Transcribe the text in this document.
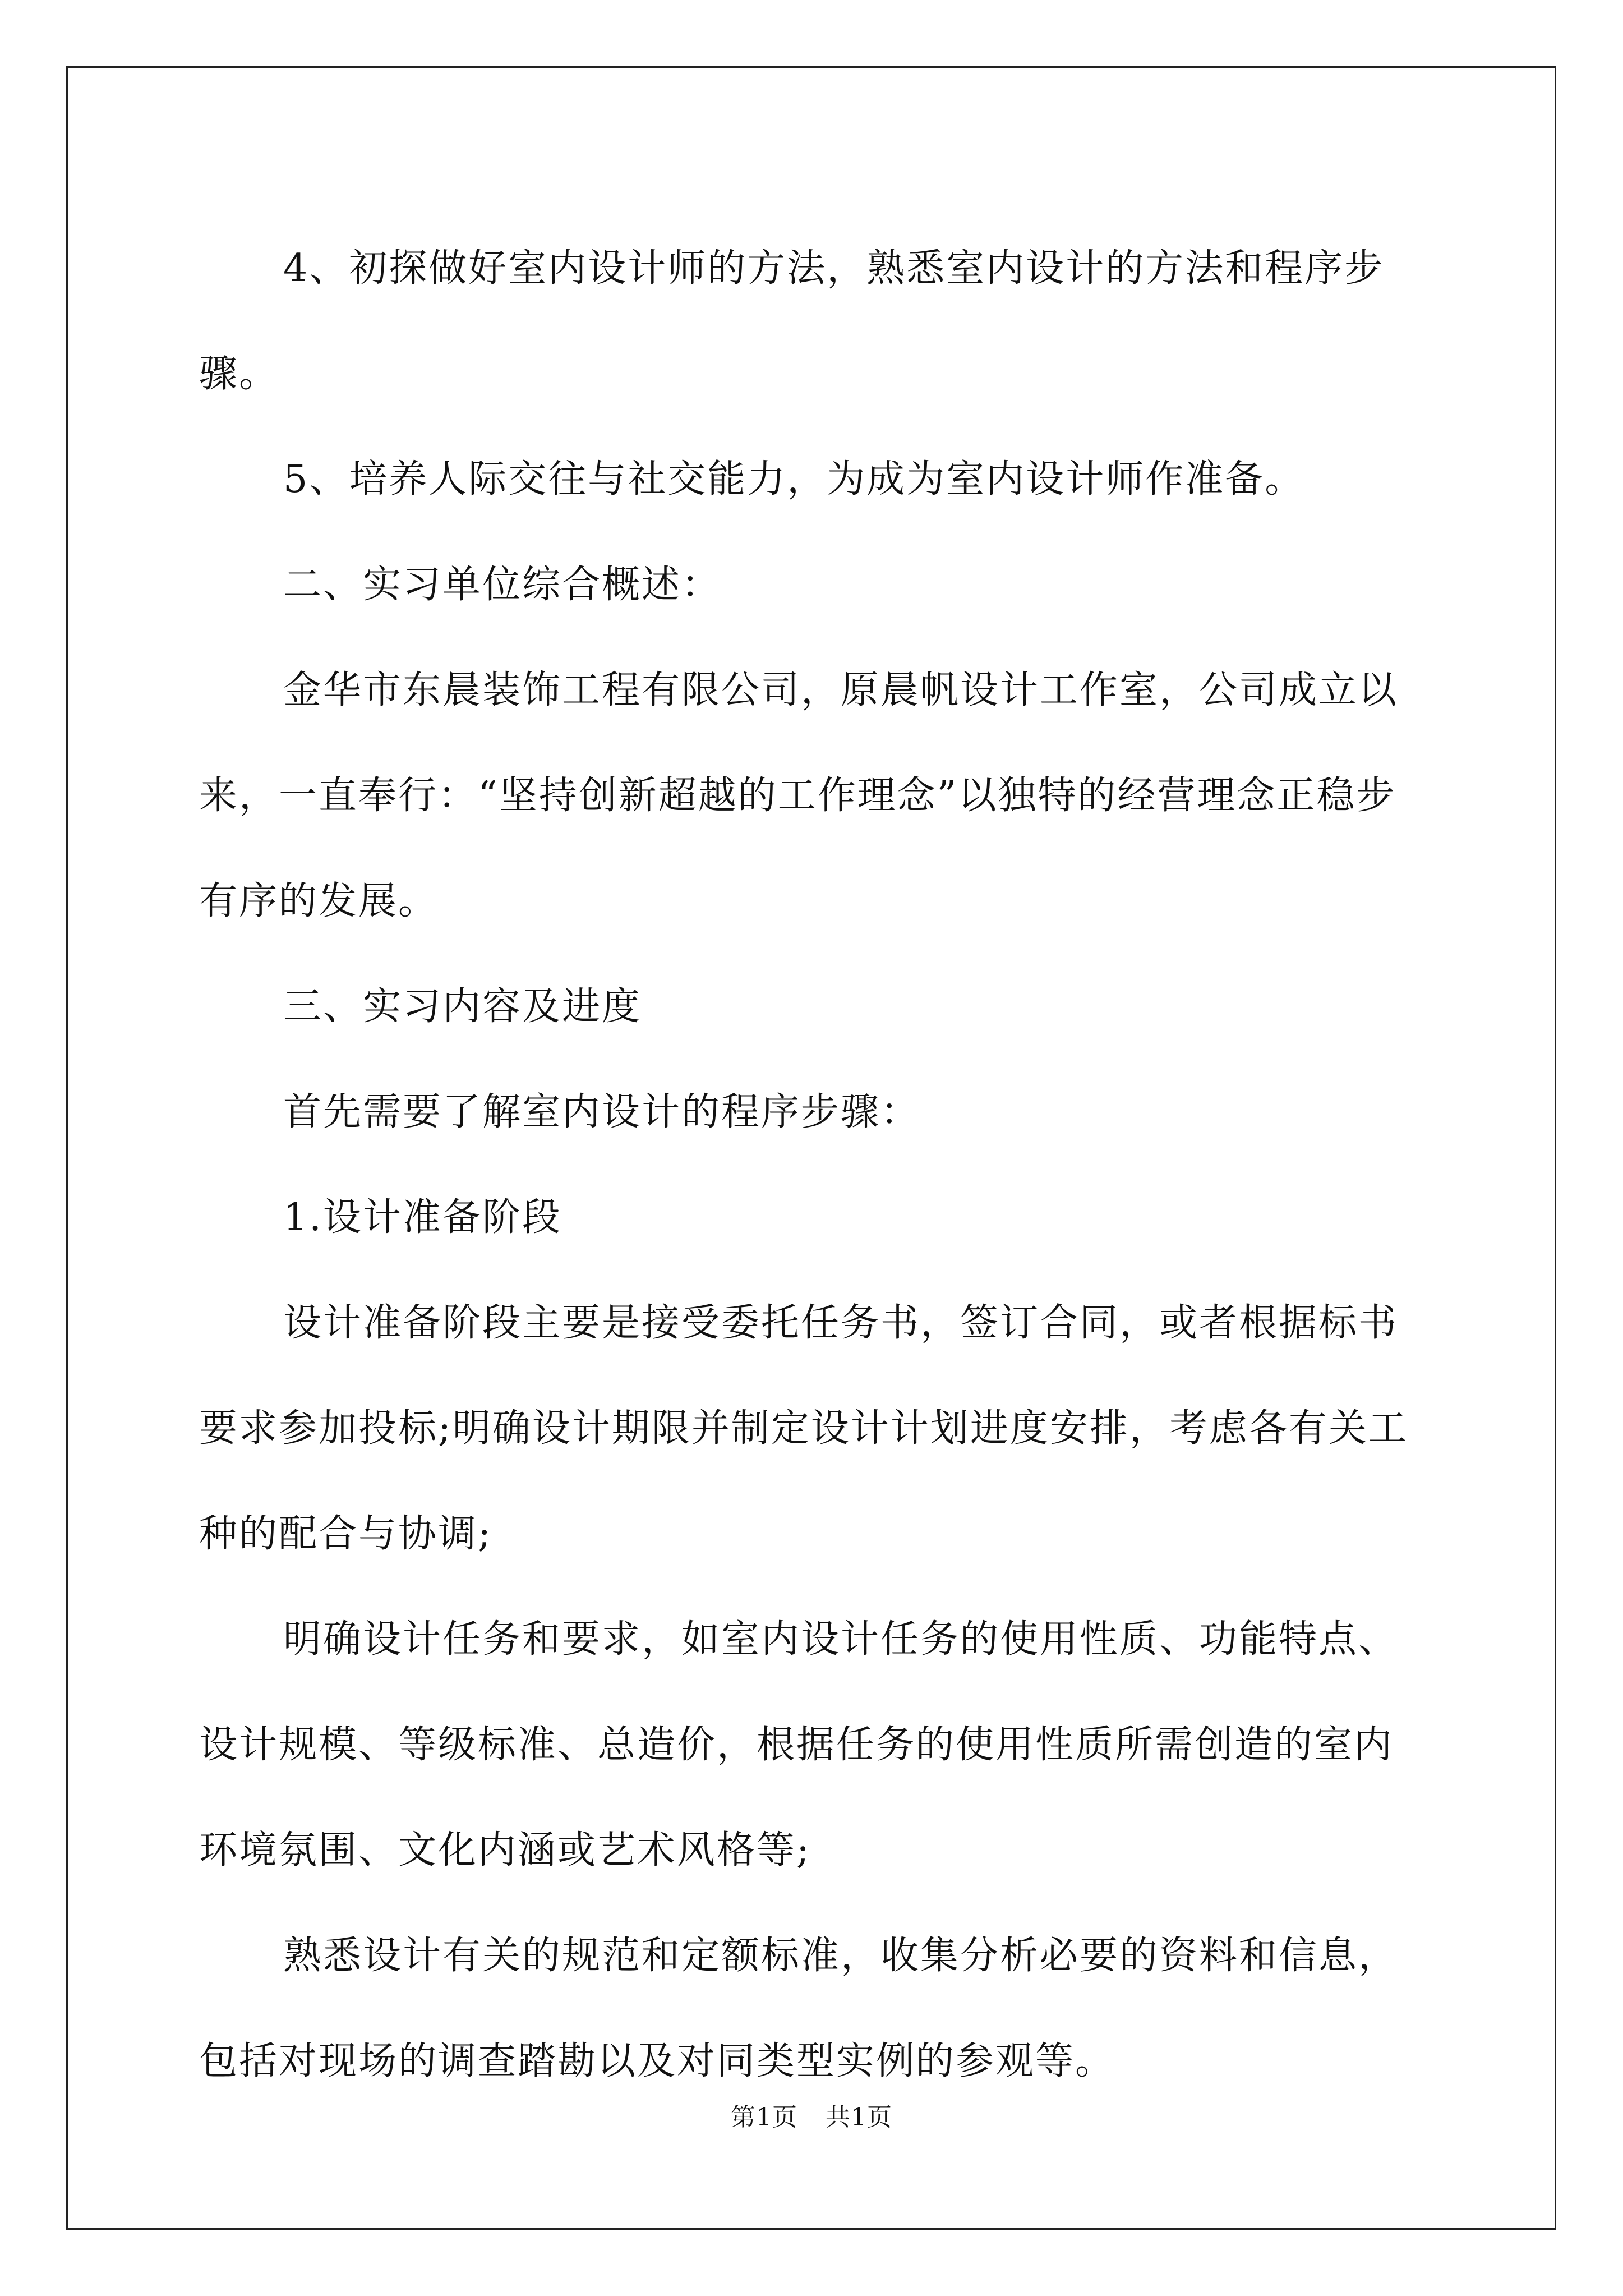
4、初探做好室内设计师的方法，熟悉室内设计的方法和程序步骤。

5、培养人际交往与社交能力，为成为室内设计师作准备。

二、实习单位综合概述：

金华市东晨装饰工程有限公司，原晨帆设计工作室，公司成立以来，一直奉行：“坚持创新超越的工作理念”以独特的经营理念正稳步有序的发展。

三、实习内容及进度

首先需要了解室内设计的程序步骤：

1.设计准备阶段

设计准备阶段主要是接受委托任务书，签订合同，或者根据标书要求参加投标;明确设计期限并制定设计计划进度安排，考虑各有关工种的配合与协调;

明确设计任务和要求，如室内设计任务的使用性质、功能特点、设计规模、等级标准、总造价，根据任务的使用性质所需创造的室内环境氛围、文化内涵或艺术风格等;

熟悉设计有关的规范和定额标准，收集分析必要的资料和信息，包括对现场的调查踏勘以及对同类型实例的参观等。

第1页 共1页
